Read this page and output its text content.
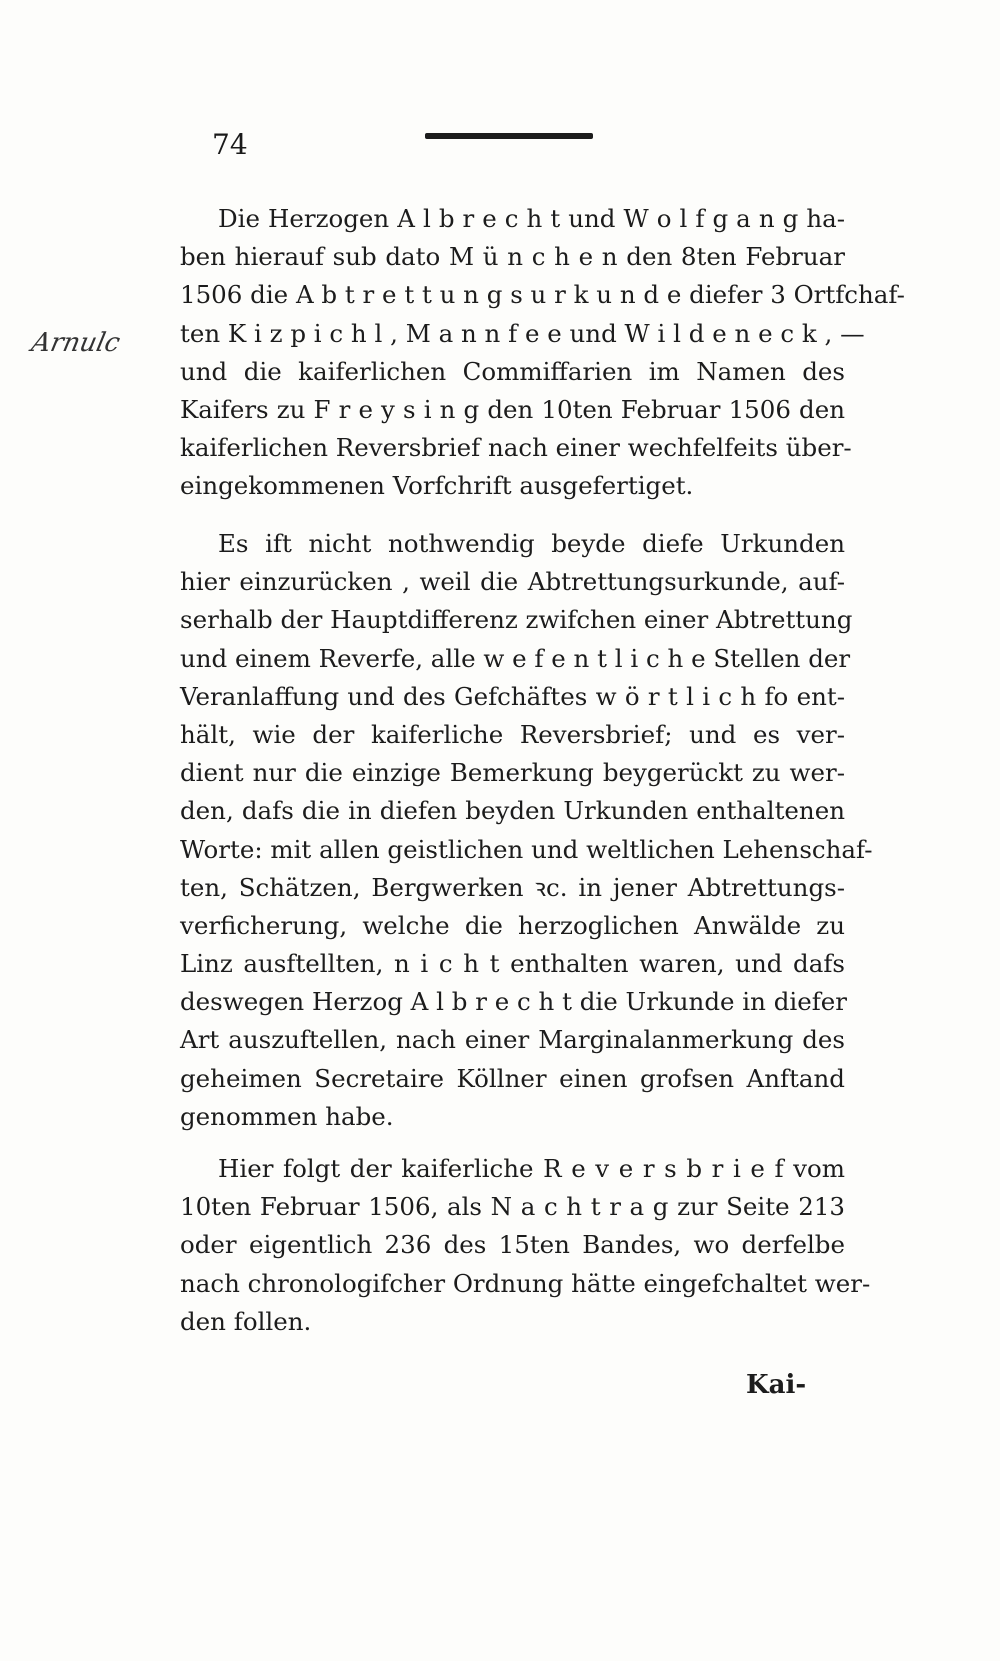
74
Arnulc
Die Herzogen A l b r e c h t und W o l f g a n g ha-
ben hierauf sub dato M ü n c h e n den 8ten Februar
1506 die A b t r e t t u n g s u r k u n d e diefer 3 Ortfchaf-
ten K i z p i c h l , M a n n f e e und W i l d e n e c k , —
und die kaiferlichen Commiffarien im Namen des
Kaifers zu F r e y s i n g den 10ten Februar 1506 den
kaiferlichen Reversbrief nach einer wechfelfeits über-
eingekommenen Vorfchrift ausgefertiget.
Es ift nicht nothwendig beyde diefe Urkunden
hier einzurücken , weil die Abtrettungsurkunde, auf-
serhalb der Hauptdifferenz zwifchen einer Abtrettung
und einem Reverfe, alle w e f e n t l i c h e Stellen der
Veranlaffung und des Gefchäftes w ö r t l i c h fo ent-
hält, wie der kaiferliche Reversbrief; und es ver-
dient nur die einzige Bemerkung beygerückt zu wer-
den, dafs die in diefen beyden Urkunden enthaltenen
Worte: mit allen geistlichen und weltlichen Lehenschaf-
ten, Schätzen, Bergwerken ꝛc. in jener Abtrettungs-
verficherung, welche die herzoglichen Anwälde zu
Linz ausftellten, n i c h t enthalten waren, und dafs
deswegen Herzog A l b r e c h t die Urkunde in diefer
Art auszuftellen, nach einer Marginalanmerkung des
geheimen Secretaire Köllner einen grofsen Anftand
genommen habe.
Hier folgt der kaiferliche R e v e r s b r i e f vom
10ten Februar 1506, als N a c h t r a g zur Seite 213
oder eigentlich 236 des 15ten Bandes, wo derfelbe
nach chronologifcher Ordnung hätte eingefchaltet wer-
den follen.
Kai-
